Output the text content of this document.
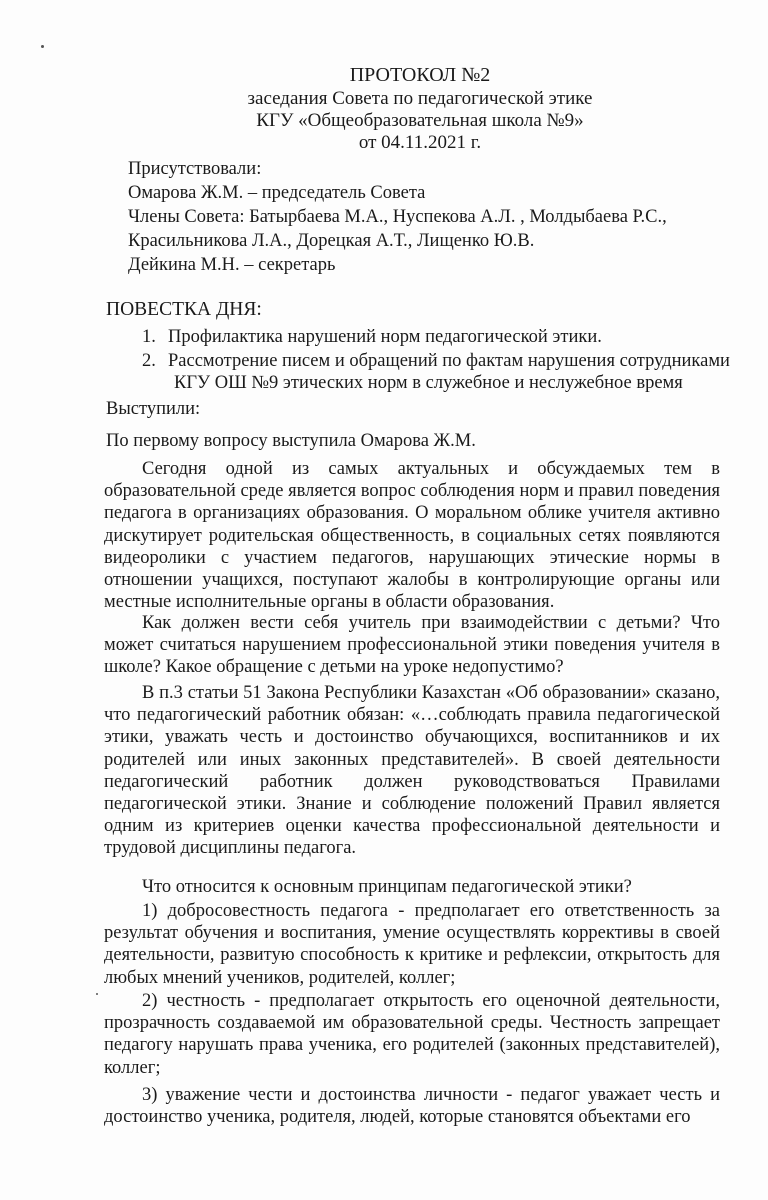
ПРОТОКОЛ №2
заседания Совета по педагогической этике
КГУ «Общеобразовательная школа №9»
от 04.11.2021 г.
Присутствовали:
Омарова Ж.М. – председатель Совета
Члены Совета: Батырбаева М.А., Нуспекова А.Л. , Молдыбаева Р.С.,
Красильникова Л.А., Дорецкая А.Т., Лищенко Ю.В.
Дейкина М.Н. – секретарь
ПОВЕСТКА ДНЯ:
1. Профилактика нарушений норм педагогической этики.
2. Рассмотрение писем и обращений по фактам нарушения сотрудниками
КГУ ОШ №9 этических норм в служебное и неслужебное время
Выступили:
По первому вопросу выступила Омарова Ж.М.
Сегодня одной из самых актуальных и обсуждаемых тем в образовательной среде является вопрос соблюдения норм и правил поведения педагога в организациях образования. О моральном облике учителя активно дискутирует родительская общественность, в социальных сетях появляются видеоролики с участием педагогов, нарушающих этические нормы в отношении учащихся, поступают жалобы в контролирующие органы или местные исполнительные органы в области образования.
Как должен вести себя учитель при взаимодействии с детьми? Что может считаться нарушением профессиональной этики поведения учителя в школе? Какое обращение с детьми на уроке недопустимо?
В п.3 статьи 51 Закона Республики Казахстан «Об образовании» сказано, что педагогический работник обязан: «…соблюдать правила педагогической этики, уважать честь и достоинство обучающихся, воспитанников и их родителей или иных законных представителей». В своей деятельности педагогический работник должен руководствоваться Правилами педагогической этики. Знание и соблюдение положений Правил является одним из критериев оценки качества профессиональной деятельности и трудовой дисциплины педагога.
Что относится к основным принципам педагогической этики?
1) добросовестность педагога - предполагает его ответственность за результат обучения и воспитания, умение осуществлять коррективы в своей деятельности, развитую способность к критике и рефлексии, открытость для любых мнений учеников, родителей, коллег;
2) честность - предполагает открытость его оценочной деятельности, прозрачность создаваемой им образовательной среды. Честность запрещает педагогу нарушать права ученика, его родителей (законных представителей), коллег;
3) уважение чести и достоинства личности - педагог уважает честь и достоинство ученика, родителя, людей, которые становятся объектами его
